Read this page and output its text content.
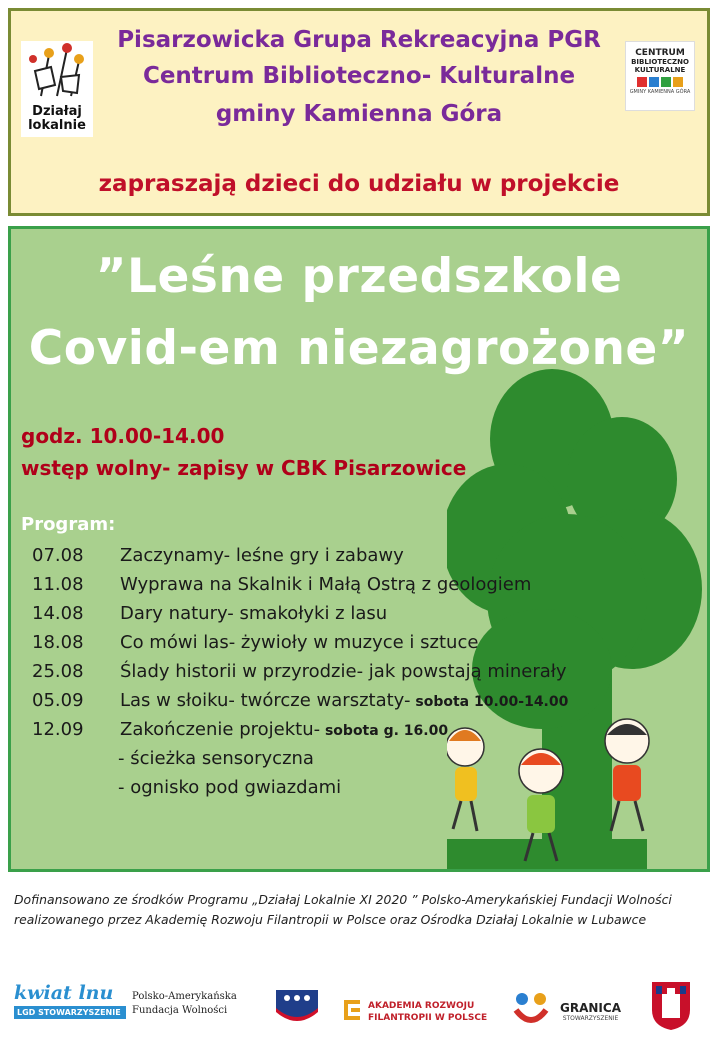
Działaj
lokalnie
Pisarzowicka Grupa Rekreacyjna PGR
Centrum Biblioteczno- Kulturalne
gminy Kamienna Góra
CENTRUM
BIBLIOTECZNO
KULTURALNE
GMINY KAMIENNA GÓRA
zapraszają dzieci do udziału w projekcie
”Leśne przedszkole
Covid-em niezagrożone”
godz. 10.00-14.00
wstęp wolny- zapisy w CBK Pisarzowice
Program:
07.08	Zaczynamy- leśne gry i zabawy
11.08	Wyprawa na Skalnik i Małą Ostrą z geologiem
14.08	Dary natury- smakołyki z lasu
18.08	Co mówi las- żywioły w muzyce i sztuce
25.08	Ślady historii w przyrodzie- jak powstają minerały
05.09	Las w słoiku- twórcze warsztaty- sobota 10.00-14.00
12.09	Zakończenie projektu- sobota g. 16.00
- ścieżka sensoryczna
- ognisko pod gwiazdami
Dofinansowano ze środków Programu „Działaj Lokalnie XI 2020 ” Polsko-Amerykańskiej Fundacji Wolności
realizowanego przez Akademię Rozwoju Filantropii w Polsce oraz Ośrodka Działaj Lokalnie w Lubawce
kwiat lnu
LGD STOWARZYSZENIE
Polsko-Amerykańska
Fundacja Wolności	AKADEMIA ROZWOJU
FILANTROPII W POLSCE
GRANICA
STOWARZYSZENIE
